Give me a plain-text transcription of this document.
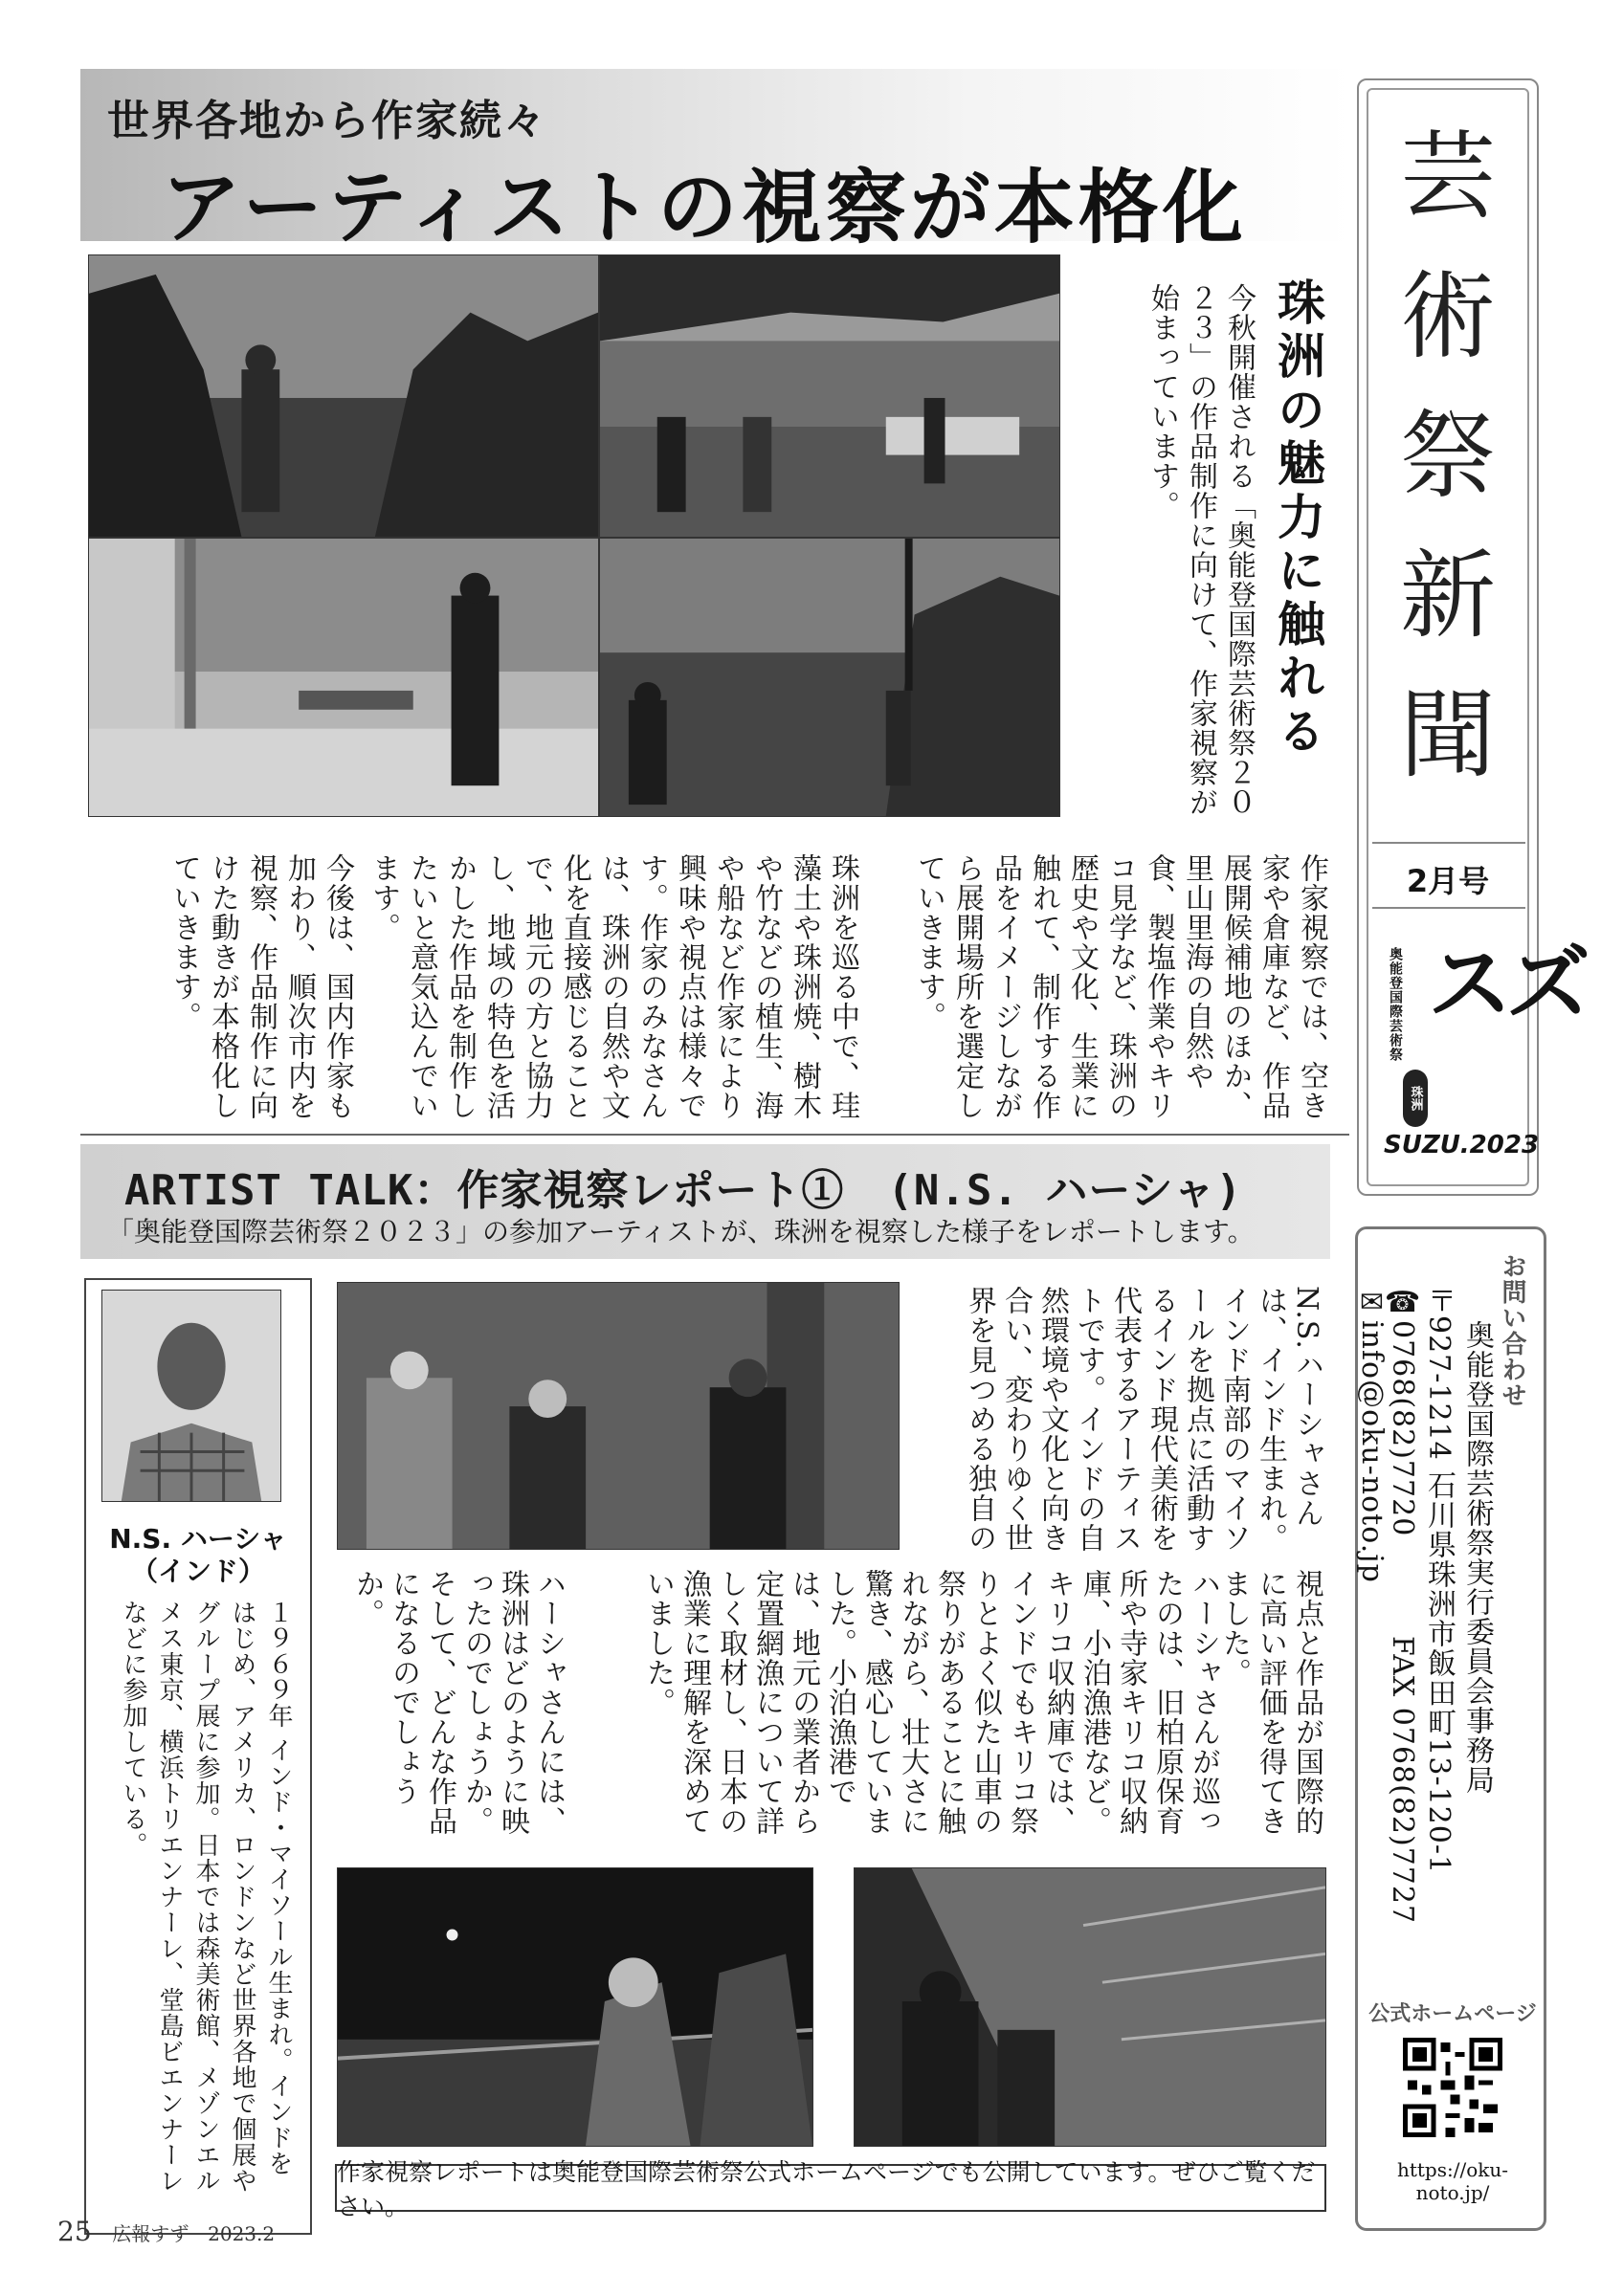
世界各地から作家続々
アーティストの視察が本格化	芸
術
祭
新
聞
2月号
奥能登国際芸術祭 スズ
珠洲
SUZU.2023
珠洲の魅力に触れる
今秋開催される「奥能登国際芸術祭２０２３」の作品制作に向けて、作家視察が始まっています。
作家視察では、空き家や倉庫など、作品展開候補地のほか、里山里海の自然や食、製塩作業やキリコ見学など、珠洲の歴史や文化、生業に触れて、制作する作品をイメージしながら展開場所を選定していきます。
珠洲を巡る中で、珪藻土や珠洲焼、樹木や竹などの植生、海や船など作家により興味や視点は様々です。作家のみなさんは、珠洲の自然や文化を直接感じることで、地元の方と協力し、地域の特色を活かした作品を制作したいと意気込んでいます。
今後は、国内作家も加わり、順次市内を視察、作品制作に向けた動きが本格化していきます。
ARTIST TALK：作家視察レポート①　(N.S. ハーシャ)
「奥能登国際芸術祭２０２３」の参加アーティストが、珠洲を視察した様子をレポートします。
N.S. ハーシャ
（インド）
１９６９年 インド・マイソール生まれ。インドをはじめ、アメリカ、ロンドンなど世界各地で個展やグループ展に参加。日本では森美術館、メゾンエルメス東京、横浜トリエンナーレ、堂島ビエンナーレなどに参加している。
N.S.ハーシャさんは、インド生まれ。インド南部のマイソールを拠点に活動するインド現代美術を代表するアーティストです。インドの自然環境や文化と向き合い、変わりゆく世界を見つめる独自の
視点と作品が国際的に高い評価を得てきました。
ハーシャさんが巡ったのは、旧柏原保育所や寺家キリコ収納庫、小泊漁港など。キリコ収納庫では、インドでもキリコ祭りとよく似た山車の祭りがあることに触れながら、壮大さに驚き、感心していました。小泊漁港では、地元の業者から定置網漁について詳しく取材し、日本の漁業に理解を深めていました。
ハーシャさんには、珠洲はどのように映ったのでしょうか。そして、どんな作品になるのでしょうか。
お問い合わせ
奥能登国際芸術祭実行委員会事務局
〒927-1214 石川県珠洲市飯田町13-120-1
☎0768(82)7720
FAX 0768(82)7727
✉info@oku-noto.jp
公式ホームページ
https://oku-noto.jp/
作家視察レポートは奥能登国際芸術祭公式ホームページでも公開しています。ぜひご覧ください。
25 広報すず 2023.2
